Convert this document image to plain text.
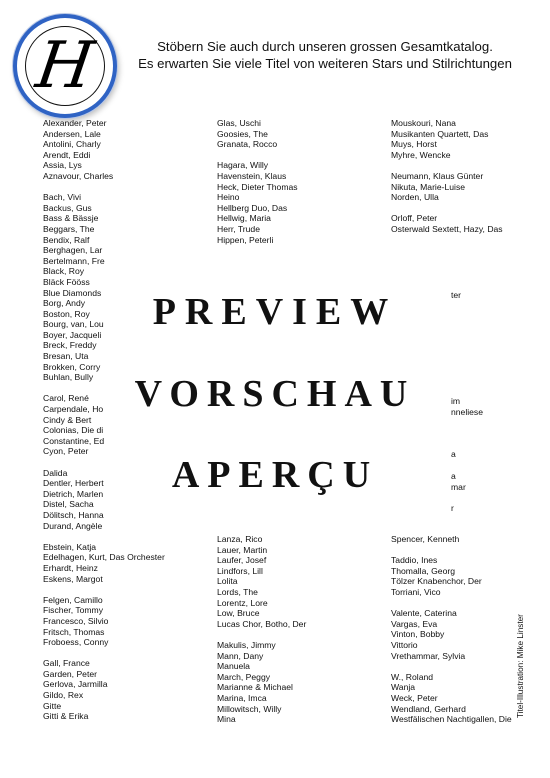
H	Stöbern Sie auch durch unseren grossen Gesamtkatalog.
Es erwarten Sie viele Titel von weiteren Stars und Stilrichtungen
Alexander, Peter
Andersen, Lale
Antolini, Charly
Arendt, Eddi
Assia, Lys
Aznavour, Charles
Bach, Vivi
Backus, Gus
Bass & Bässje
Beggars, The
Bendix, Ralf
Berghagen, Lar
Bertelmann, Fre
Black, Roy
Bläck Fööss
Blue Diamonds
Borg, Andy
Boston, Roy
Bourg, van, Lou
Boyer, Jacqueli
Breck, Freddy
Bresan, Uta
Brokken, Corry
Buhlan, Bully
Carol, René
Carpendale, Ho
Cindy & Bert
Colonias, Die di
Constantine, Ed
Cyon, Peter
Dalida
Dentler, Herbert
Dietrich, Marlen
Distel, Sacha
Dölitsch, Hanna
Durand, Angèle
Ebstein, Katja
Edelhagen, Kurt, Das Orchester
Erhardt, Heinz
Eskens, Margot
Felgen, Camillo
Fischer, Tommy
Francesco, Silvio
Fritsch, Thomas
Froboess, Conny
Gall, France
Garden, Peter
Gerlova, Jarmilla
Gildo, Rex
Gitte
Gitti & Erika
Glas, Uschi
Goosies, The
Granata, Rocco
Hagara, Willy
Havenstein, Klaus
Heck, Dieter Thomas
Heino
Hellberg Duo, Das
Hellwig, Maria
Herr, Trude
Hippen, Peterli
Lanza, Rico
Lauer, Martin
Laufer, Josef
Lindfors, Lill
Lolita
Lords, The
Lorentz, Lore
Low, Bruce
Lucas Chor, Botho, Der
Makulis, Jimmy
Mann, Dany
Manuela
March, Peggy
Marianne & Michael
Marina, Imca
Millowitsch, Willy
Mina
Mouskouri, Nana
Musikanten Quartett, Das
Muys, Horst
Myhre, Wencke
Neumann, Klaus Günter
Nikuta, Marie-Luise
Norden, Ulla
Orloff, Peter
Osterwald Sextett, Hazy, Das
ter
im
nneliese
a
a
mar
r
Spencer, Kenneth
Taddio, Ines
Thomalla, Georg
Tölzer Knabenchor, Der
Torriani, Vico
Valente, Caterina
Vargas, Eva
Vinton, Bobby
Vittorio
Vrethammar, Sylvia
W., Roland
Wanja
Weck, Peter
Wendland, Gerhard
Westfälischen Nachtigallen, Die
PREVIEW
VORSCHAU
APERÇU
Titel-Illustration: Mike Linster
